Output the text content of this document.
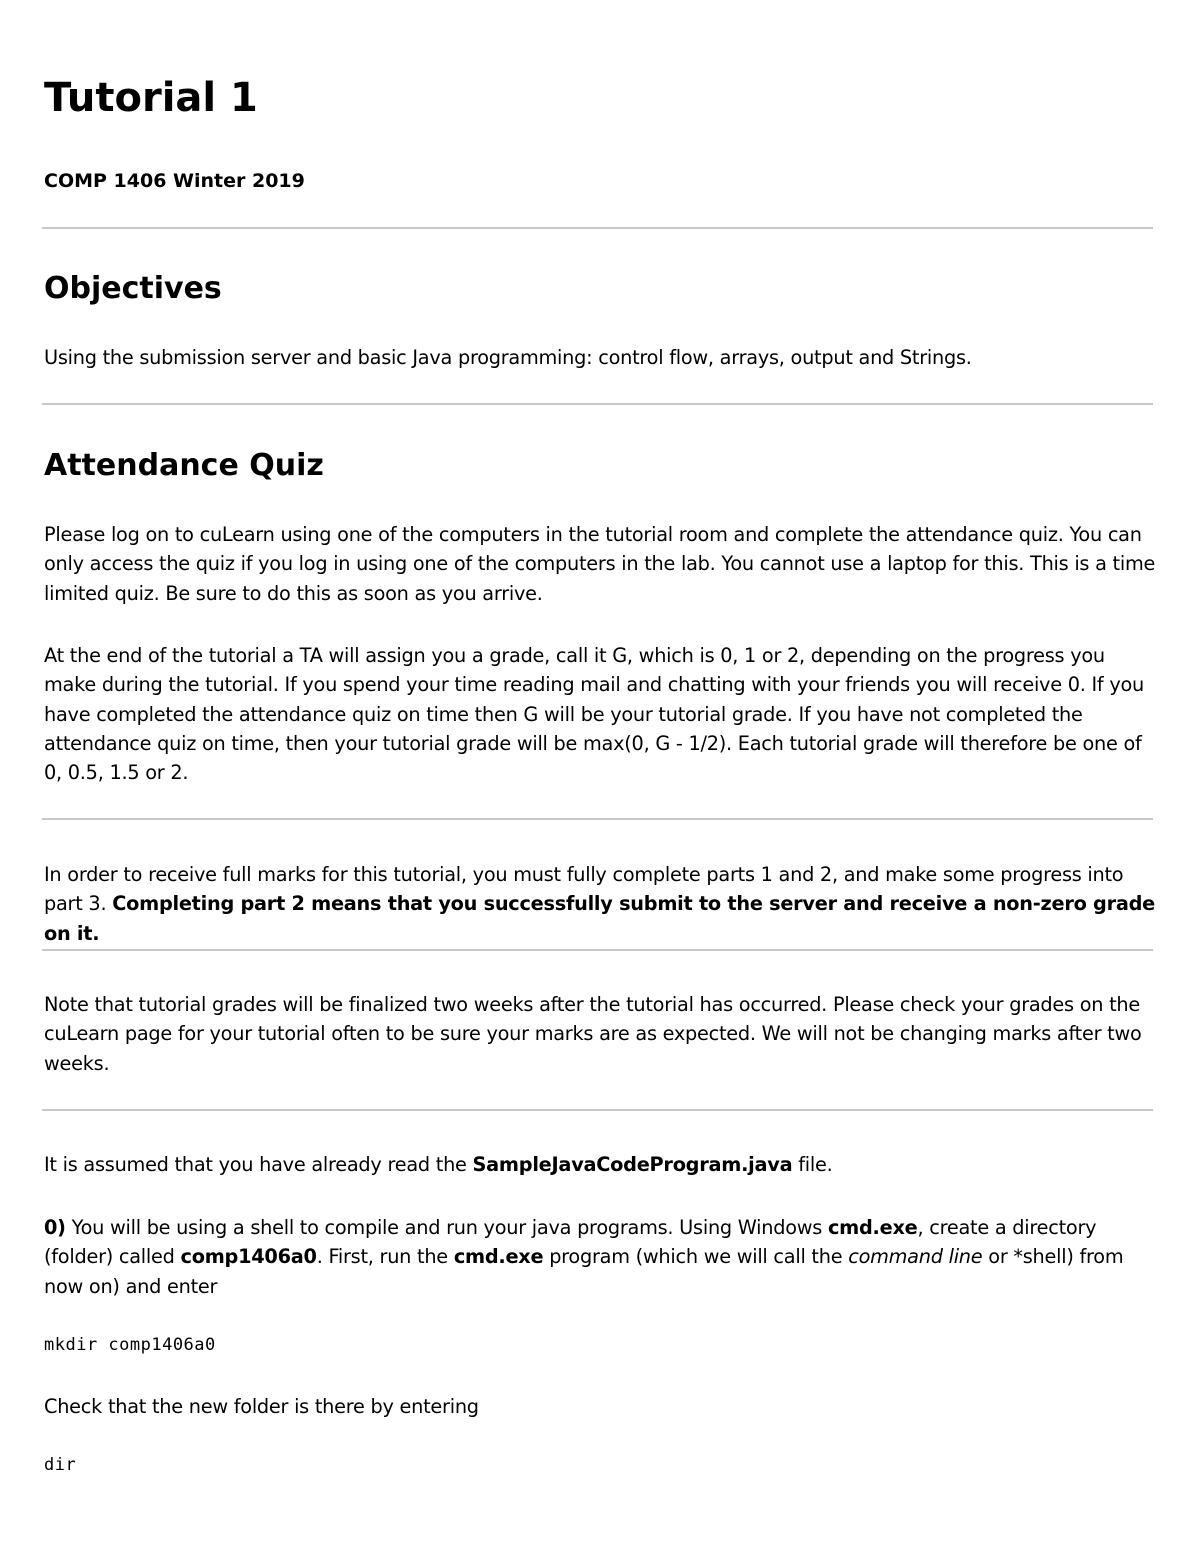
Tutorial 1
COMP 1406 Winter 2019
Objectives

Using the submission server and basic Java programming: control flow, arrays, output and Strings.

Attendance Quiz

Please log on to cuLearn using one of the computers in the tutorial room and complete the attendance quiz. You can only access the quiz if you log in using one of the computers in the lab. You cannot use a laptop for this. This is a time limited quiz. Be sure to do this as soon as you arrive.

At the end of the tutorial a TA will assign you a grade, call it G, which is 0, 1 or 2, depending on the progress you make during the tutorial. If you spend your time reading mail and chatting with your friends you will receive 0. If you have completed the attendance quiz on time then G will be your tutorial grade. If you have not completed the attendance quiz on time, then your tutorial grade will be max(0, G - 1/2). Each tutorial grade will therefore be one of 0, 0.5, 1.5 or 2.

In order to receive full marks for this tutorial, you must fully complete parts 1 and 2, and make some progress into part 3. Completing part 2 means that you successfully submit to the server and receive a non-zero grade on it.

Note that tutorial grades will be finalized two weeks after the tutorial has occurred. Please check your grades on the cuLearn page for your tutorial often to be sure your marks are as expected. We will not be changing marks after two weeks.

It is assumed that you have already read the SampleJavaCodeProgram.java file.

0) You will be using a shell to compile and run your java programs. Using Windows cmd.exe, create a directory (folder) called comp1406a0. First, run the cmd.exe program (which we will call the command line or *shell) from now on) and enter

mkdir comp1406a0

Check that the new folder is there by entering

dir
